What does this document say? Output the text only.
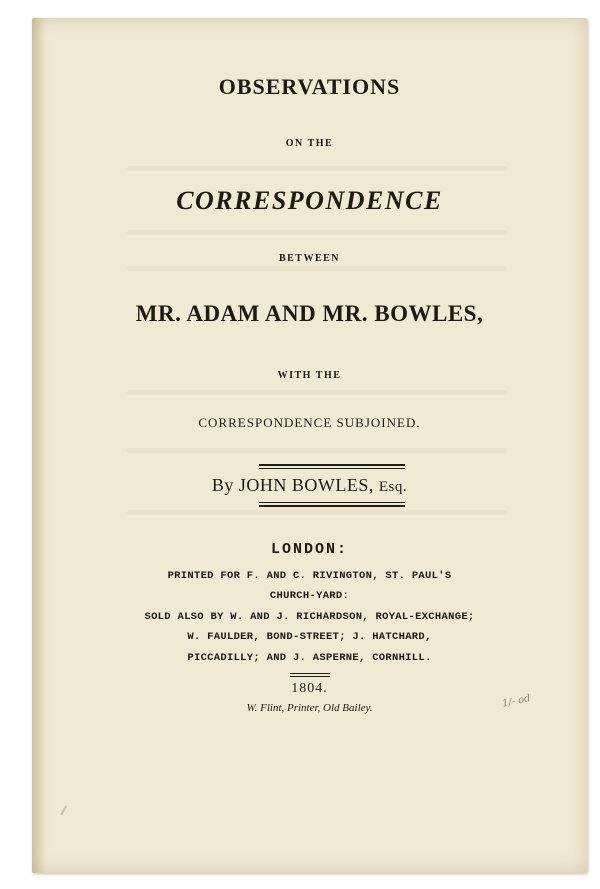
OBSERVATIONS
ON THE
CORRESPONDENCE
BETWEEN
MR. ADAM AND MR. BOWLES,
WITH THE
CORRESPONDENCE SUBJOINED.
By JOHN BOWLES, Esq.
LONDON:
PRINTED FOR F. AND C. RIVINGTON, ST. PAUL'S
CHURCH-YARD:
SOLD ALSO BY W. AND J. RICHARDSON, ROYAL-EXCHANGE;
W. FAULDER, BOND-STREET; J. HATCHARD,
PICCADILLY; AND J. ASPERNE, CORNHILL.
1804.
W. Flint, Printer, Old Bailey.	1/- od
